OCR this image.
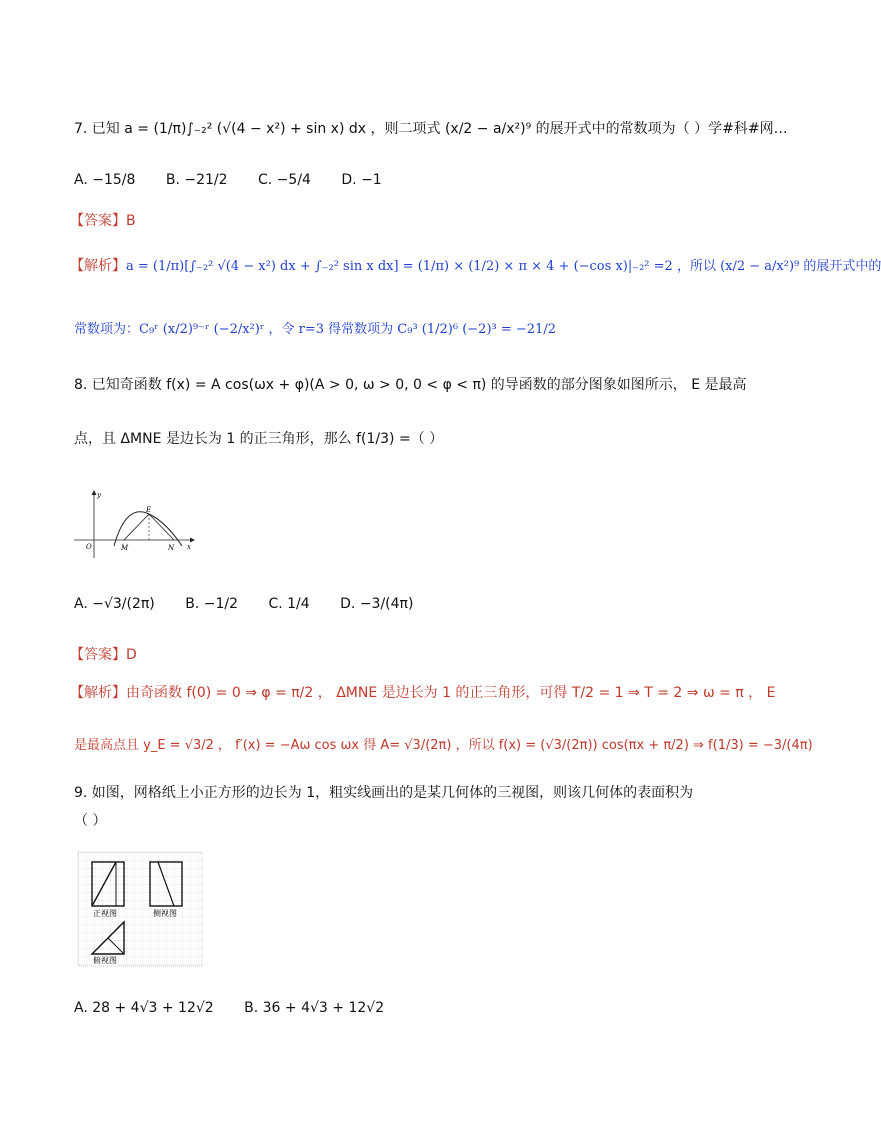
7. 已知 a = (1/π)∫₋₂² (√(4 − x²) + sin x) dx ，则二项式 (x/2 − a/x²)⁹ 的展开式中的常数项为（ ）学#科#网…
A. −15/8 B. −21/2 C. −5/4 D. −1
【答案】B
【解析】a = (1/π)[∫₋₂² √(4 − x²) dx + ∫₋₂² sin x dx] = (1/π) × (1/2) × π × 4 + (−cos x)|₋₂² =2 ，所以 (x/2 − a/x²)⁹ 的展开式中的
常数项为：C₉ʳ (x/2)⁹⁻ʳ (−2/x²)ʳ ，令 r=3 得常数项为 C₉³ (1/2)⁶ (−2)³ = −21/2
8. 已知奇函数 f(x) = A cos(ωx + φ)(A > 0, ω > 0, 0 < φ < π) 的导函数的部分图象如图所示， E 是最高
点，且 ΔMNE 是边长为 1 的正三角形，那么 f(1/3) =（ ）
y
x
O	M	N
E
A. −√3/(2π) B. −1/2 C. 1/4 D. −3/(4π)
【答案】D
【解析】由奇函数 f(0) = 0 ⇒ φ = π/2 ， ΔMNE 是边长为 1 的正三角形，可得 T/2 = 1 ⇒ T = 2 ⇒ ω = π ， E
是最高点且 y_E = √3/2 ， f′(x) = −Aω cos ωx 得 A= √3/(2π) ，所以 f(x) = (√3/(2π)) cos(πx + π/2) ⇒ f(1/3) = −3/(4π)
9. 如图，网格纸上小正方形的边长为 1，粗实线画出的是某几何体的三视图，则该几何体的表面积为
（ ）
正视图	侧视图
俯视图
A. 28 + 4√3 + 12√2 B. 36 + 4√3 + 12√2
